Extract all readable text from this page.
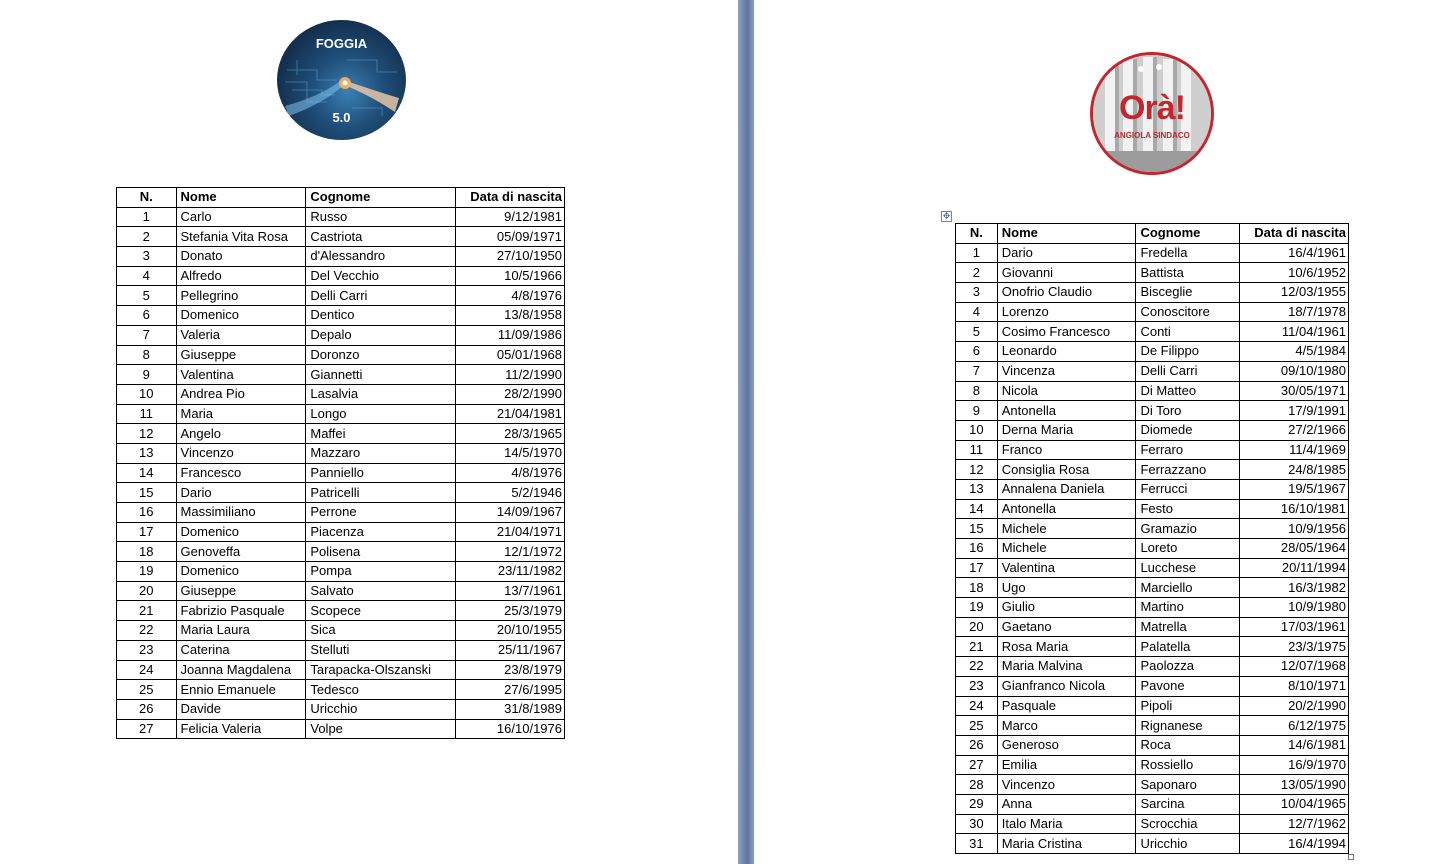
FOGGIA
5.0	Orà!
ANGIOLA SINDACO
N.	Nome	Cognome	Data di nascita
1	Carlo	Russo	9/12/1981
2	Stefania Vita Rosa	Castriota	05/09/1971
3	Donato	d'Alessandro	27/10/1950
4	Alfredo	Del Vecchio	10/5/1966
5	Pellegrino	Delli Carri	4/8/1976
6	Domenico	Dentico	13/8/1958
7	Valeria	Depalo	11/09/1986
8	Giuseppe	Doronzo	05/01/1968
9	Valentina	Giannetti	11/2/1990
10	Andrea Pio	Lasalvia	28/2/1990
11	Maria	Longo	21/04/1981
12	Angelo	Maffei	28/3/1965
13	Vincenzo	Mazzaro	14/5/1970
14	Francesco	Panniello	4/8/1976
15	Dario	Patricelli	5/2/1946
16	Massimiliano	Perrone	14/09/1967
17	Domenico	Piacenza	21/04/1971
18	Genoveffa	Polisena	12/1/1972
19	Domenico	Pompa	23/11/1982
20	Giuseppe	Salvato	13/7/1961
21	Fabrizio Pasquale	Scopece	25/3/1979
22	Maria Laura	Sica	20/10/1955
23	Caterina	Stelluti	25/11/1967
24	Joanna Magdalena	Tarapacka-Olszanski	23/8/1979
25	Ennio Emanuele	Tedesco	27/6/1995
26	Davide	Uricchio	31/8/1989
27	Felicia Valeria	Volpe	16/10/1976
✥
N.	Nome	Cognome	Data di nascita
1	Dario	Fredella	16/4/1961
2	Giovanni	Battista	10/6/1952
3	Onofrio Claudio	Bisceglie	12/03/1955
4	Lorenzo	Conoscitore	18/7/1978
5	Cosimo Francesco	Conti	11/04/1961
6	Leonardo	De Filippo	4/5/1984
7	Vincenza	Delli Carri	09/10/1980
8	Nicola	Di Matteo	30/05/1971
9	Antonella	Di Toro	17/9/1991
10	Derna Maria	Diomede	27/2/1966
11	Franco	Ferraro	11/4/1969
12	Consiglia Rosa	Ferrazzano	24/8/1985
13	Annalena Daniela	Ferrucci	19/5/1967
14	Antonella	Festo	16/10/1981
15	Michele	Gramazio	10/9/1956
16	Michele	Loreto	28/05/1964
17	Valentina	Lucchese	20/11/1994
18	Ugo	Marciello	16/3/1982
19	Giulio	Martino	10/9/1980
20	Gaetano	Matrella	17/03/1961
21	Rosa Maria	Palatella	23/3/1975
22	Maria Malvina	Paolozza	12/07/1968
23	Gianfranco Nicola	Pavone	8/10/1971
24	Pasquale	Pipoli	20/2/1990
25	Marco	Rignanese	6/12/1975
26	Generoso	Roca	14/6/1981
27	Emilia	Rossiello	16/9/1970
28	Vincenzo	Saponaro	13/05/1990
29	Anna	Sarcina	10/04/1965
30	Italo Maria	Scrocchia	12/7/1962
31	Maria Cristina	Uricchio	16/4/1994
